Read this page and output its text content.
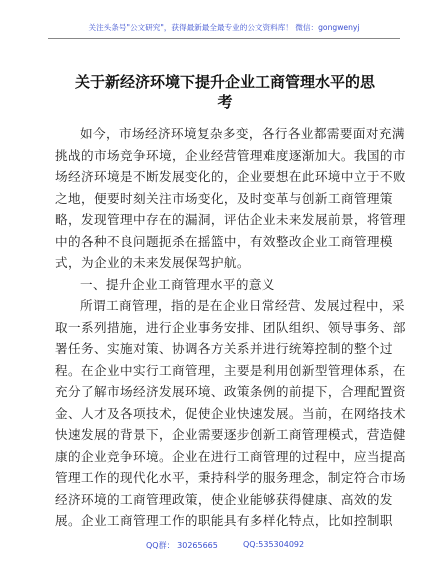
关注头条号"公文研究"，获得最新最全最专业的公文资料库！ 微信：gongwenyj
关于新经济环境下提升企业工商管理水平的思
考
如今，市场经济环境复杂多变，各行各业都需要面对充满
挑战的市场竞争环境，企业经营管理难度逐渐加大。我国的市
场经济环境是不断发展变化的，企业要想在此环境中立于不败
之地，便要时刻关注市场变化，及时变革与创新工商管理策
略，发现管理中存在的漏洞，评估企业未来发展前景，将管理
中的各种不良问题扼杀在摇篮中，有效整改企业工商管理模
式，为企业的未来发展保驾护航。
一、提升企业工商管理水平的意义
所谓工商管理，指的是在企业日常经营、发展过程中，采
取一系列措施，进行企业事务安排、团队组织、领导事务、部
署任务、实施对策、协调各方关系并进行统筹控制的整个过
程。在企业中实行工商管理，主要是利用创新型管理体系，在
充分了解市场经济发展环境、政策条例的前提下，合理配置资
金、人才及各项技术，促使企业快速发展。当前，在网络技术
快速发展的背景下，企业需要逐步创新工商管理模式，营造健
康的企业竞争环境。企业在进行工商管理的过程中，应当提高
管理工作的现代化水平，秉持科学的服务理念，制定符合市场
经济环境的工商管理政策，使企业能够获得健康、高效的发
展。企业工商管理工作的职能具有多样化特点，比如控制职
QQ群： 30265665	QQ:535304092
